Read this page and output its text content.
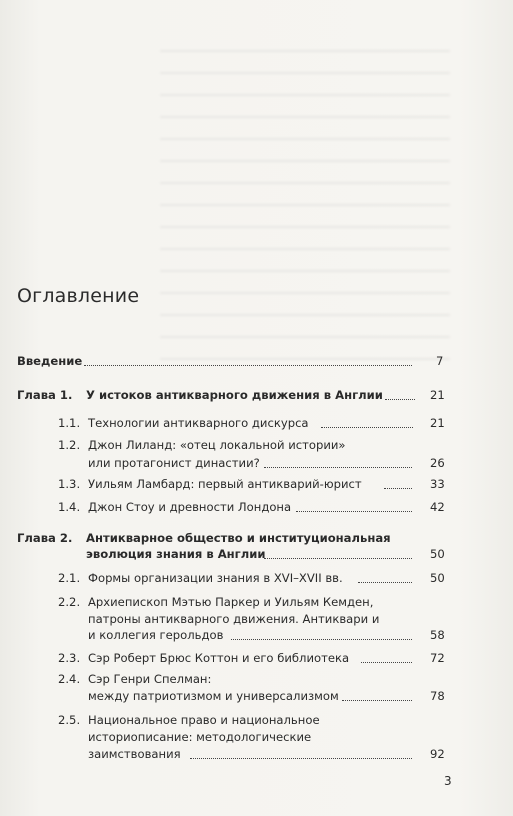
Оглавление
Введение	7
Глава 1. У истоков антикварного движения в Англии	21
1.1. Технологии антикварного дискурса	21
1.2. Джон Лиланд: «отец локальной истории»
или протагонист династии?	26
1.3. Уильям Ламбард: первый антикварий-юрист	33
1.4. Джон Стоу и древности Лондона	42
Глава 2. Антикварное общество и институциональная
эволюция знания в Англии	50
2.1. Формы организации знания в XVI–XVII вв.	50
2.2. Архиепископ Мэтью Паркер и Уильям Кемден,
патроны антикварного движения. Антиквари и
и коллегия герольдов	58
2.3. Сэр Роберт Брюс Коттон и его библиотека	72
2.4. Сэр Генри Спелман:
между патриотизмом и универсализмом	78
2.5. Национальное право и национальное
историописание: методологические
заимствования	92
3
